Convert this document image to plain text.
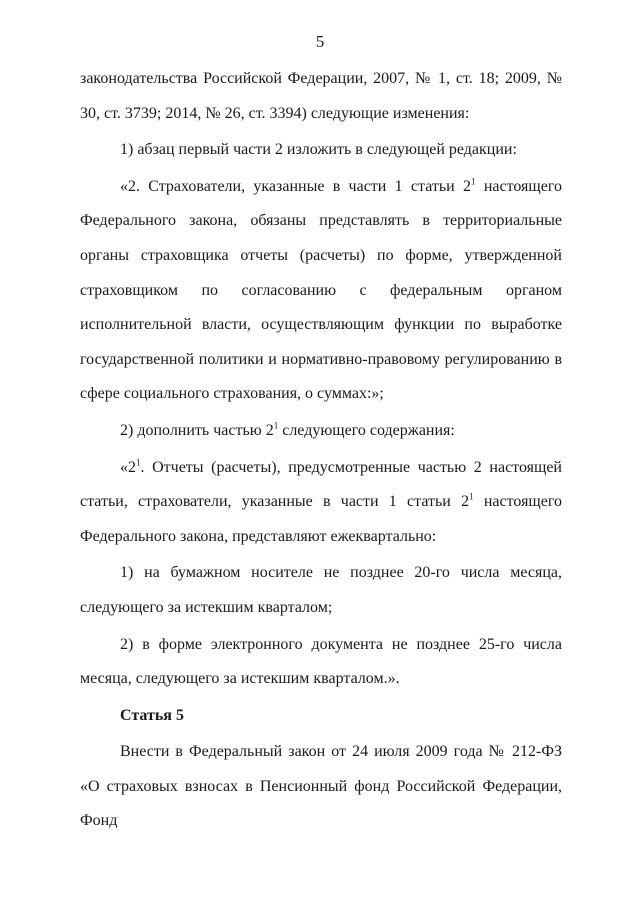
5

законодательства Российской Федерации, 2007, № 1, ст. 18; 2009, № 30, ст. 3739; 2014, № 26, ст. 3394) следующие изменения:

1) абзац первый части 2 изложить в следующей редакции:

«2. Страхователи, указанные в части 1 статьи $2^1$ настоящего Федерального закона, обязаны представлять в территориальные органы страховщика отчеты (расчеты) по форме, утвержденной страховщиком по согласованию с федеральным органом исполнительной власти, осуществляющим функции по выработке государственной политики и нормативно-правовому регулированию в сфере социального страхования, о суммах:»;

2) дополнить частью $2^1$ следующего содержания:

«$2^1$. Отчеты (расчеты), предусмотренные частью 2 настоящей статьи, страхователи, указанные в части 1 статьи $2^1$ настоящего Федерального закона, представляют ежеквартально:

1) на бумажном носителе не позднее 20-го числа месяца, следующего за истекшим кварталом;

2) в форме электронного документа не позднее 25-го числа месяца, следующего за истекшим кварталом.».

Статья 5

Внести в Федеральный закон от 24 июля 2009 года № 212-ФЗ «О страховых взносах в Пенсионный фонд Российской Федерации, Фонд
